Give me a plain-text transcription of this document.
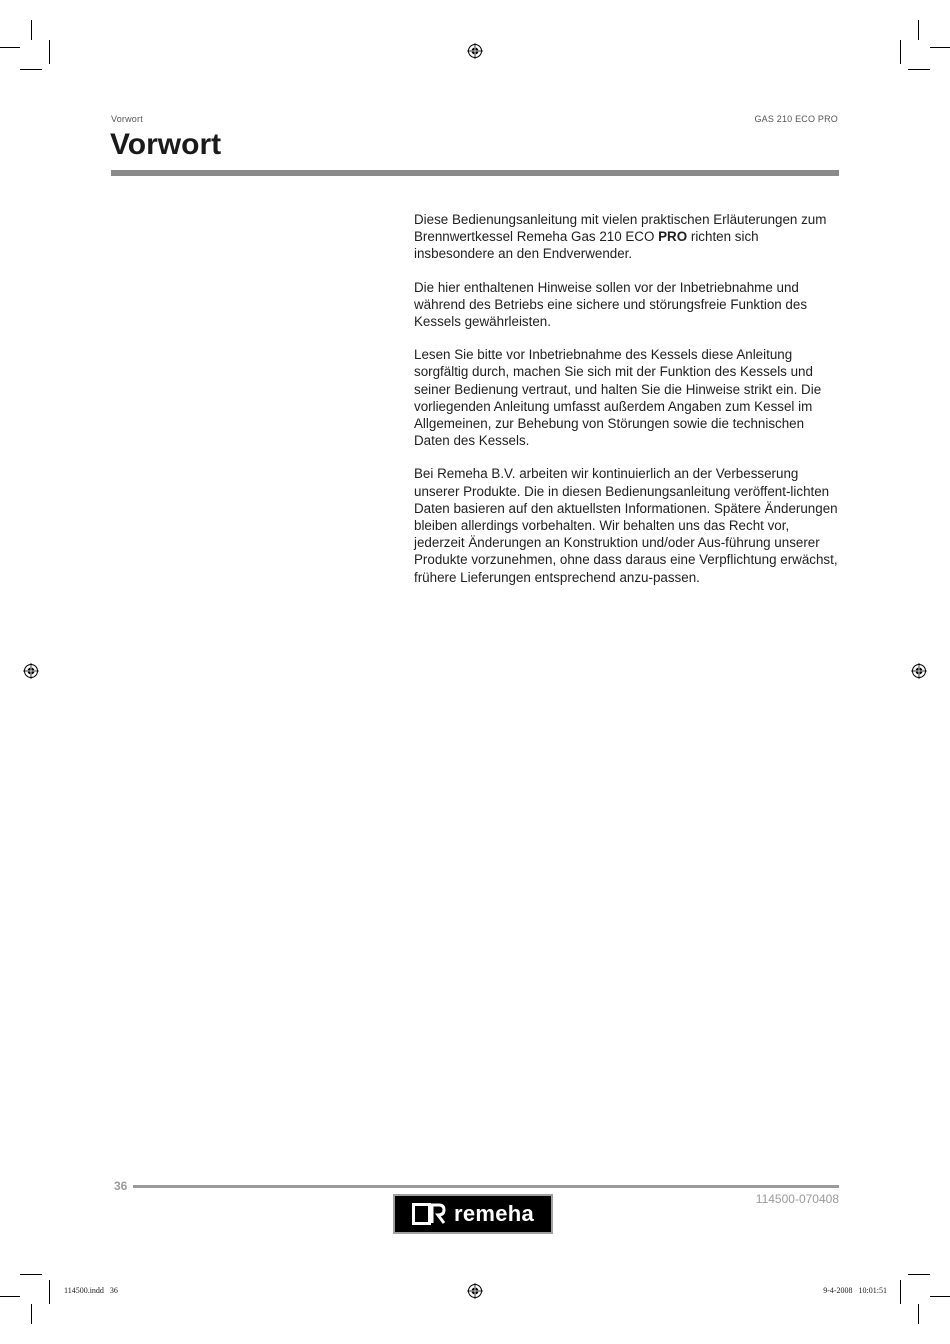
Vorwort	GAS 210 ECO PRO
Vorwort

Diese Bedienungsanleitung mit vielen praktischen Erläuterungen zum Brennwertkessel Remeha Gas 210 ECO PRO richten sich insbesondere an den Endverwender.

Die hier enthaltenen Hinweise sollen vor der Inbetriebnahme und während des Betriebs eine sichere und störungsfreie Funktion des Kessels gewährleisten.

Lesen Sie bitte vor Inbetriebnahme des Kessels diese Anleitung sorgfältig durch, machen Sie sich mit der Funktion des Kessels und seiner Bedienung vertraut, und halten Sie die Hinweise strikt ein. Die vorliegenden Anleitung umfasst außerdem Angaben zum Kessel im Allgemeinen, zur Behebung von Störungen sowie die technischen Daten des Kessels.

Bei Remeha B.V. arbeiten wir kontinuierlich an der Verbesserung unserer Produkte. Die in diesen Bedienungsanleitung veröffent-lichten Daten basieren auf den aktuellsten Informationen. Spätere Änderungen bleiben allerdings vorbehalten. Wir behalten uns das Recht vor, jederzeit Änderungen an Konstruktion und/oder Aus-führung unserer Produkte vorzunehmen, ohne dass daraus eine Verpflichtung erwächst, frühere Lieferungen entsprechend anzu-passen.

36
114500-070408
remeha
114500.indd   36	9-4-2008   10:01:51
